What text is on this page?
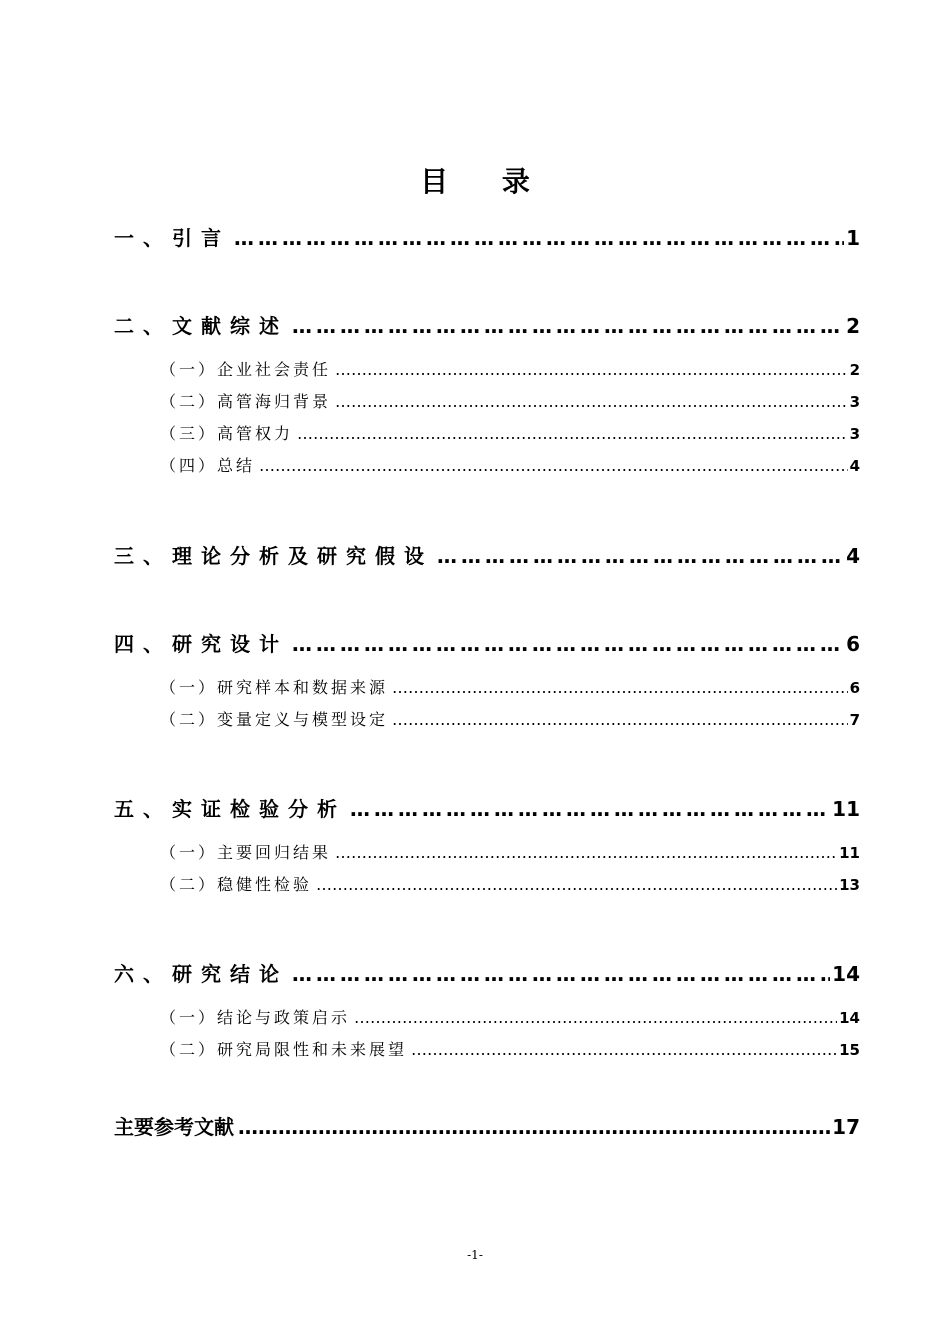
目 录
一、引言 …………………………………………………………………………………………………………………………………………………………………………………………	1
二、文献综述 …………………………………………………………………………………………………………………………………………………………………………………………	2
（一）企业社会责任 …………………………………………………………………………………………………………………………………………………………………………………………	2
（二）高管海归背景 …………………………………………………………………………………………………………………………………………………………………………………………	3
（三）高管权力 …………………………………………………………………………………………………………………………………………………………………………………………	3
（四）总结 …………………………………………………………………………………………………………………………………………………………………………………………	4
三、理论分析及研究假设 …………………………………………………………………………………………………………………………………………………………………………………………	4
四、研究设计 …………………………………………………………………………………………………………………………………………………………………………………………	6
（一）研究样本和数据来源 …………………………………………………………………………………………………………………………………………………………………………………………	6
（二）变量定义与模型设定 …………………………………………………………………………………………………………………………………………………………………………………………	7
五、实证检验分析 …………………………………………………………………………………………………………………………………………………………………………………………	11
（一）主要回归结果 …………………………………………………………………………………………………………………………………………………………………………………………	11
（二）稳健性检验 …………………………………………………………………………………………………………………………………………………………………………………………	13
六、研究结论 …………………………………………………………………………………………………………………………………………………………………………………………	14
（一）结论与政策启示 …………………………………………………………………………………………………………………………………………………………………………………………	14
（二）研究局限性和未来展望 …………………………………………………………………………………………………………………………………………………………………………………………	15
主要参考文献 …………………………………………………………………………………………………………………………………………………………………………………………	17
-1-
